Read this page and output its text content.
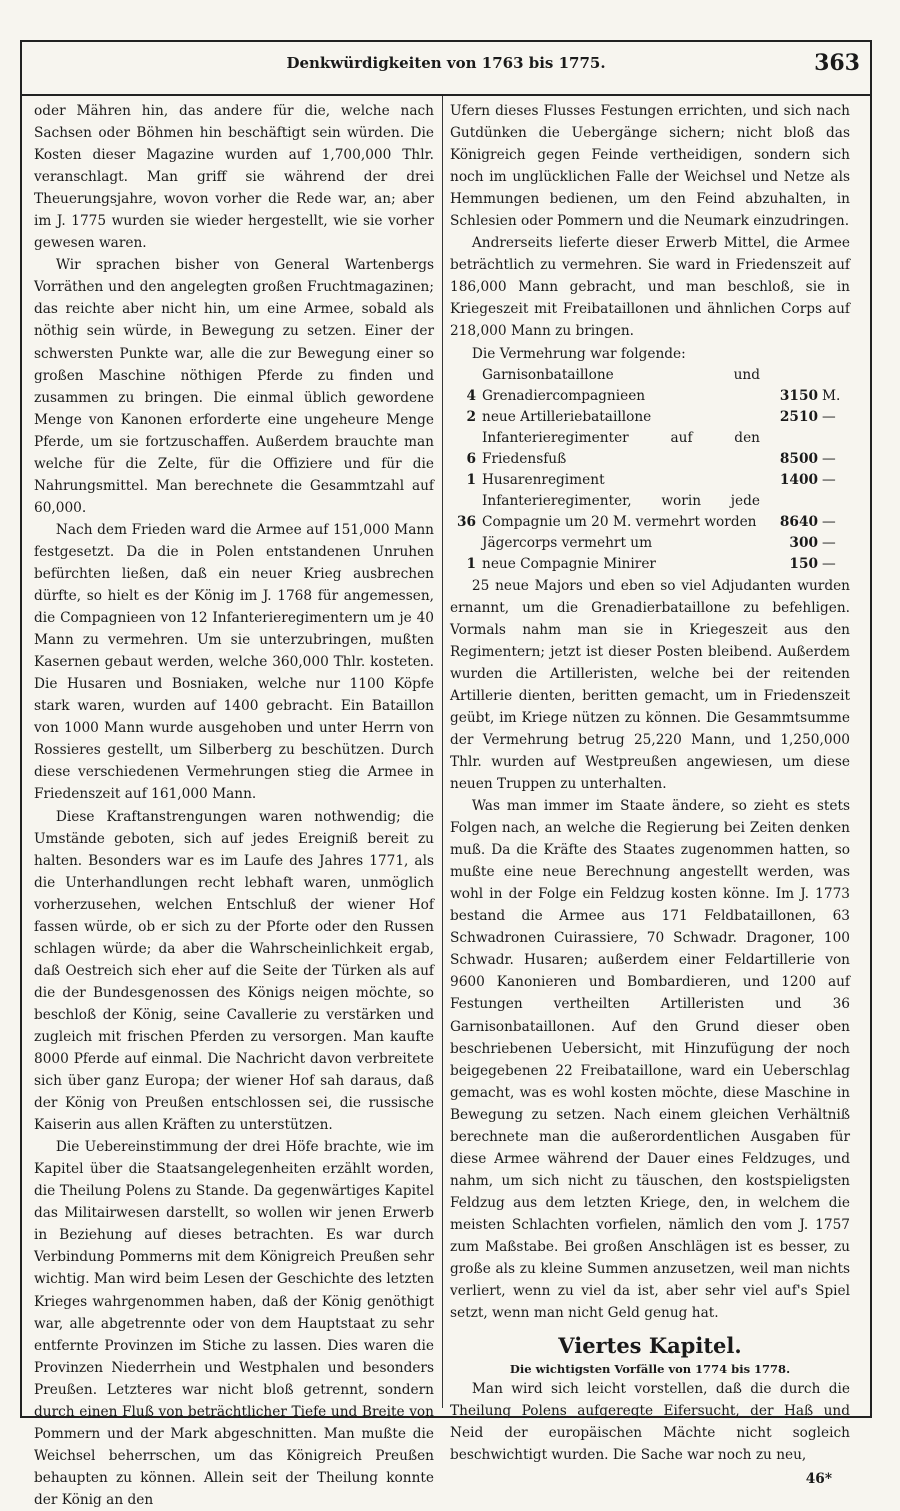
Denkwürdigkeiten von 1763 bis 1775.	363

oder Mähren hin, das andere für die, welche nach Sachsen oder Böhmen hin beschäftigt sein würden. Die Kosten dieser Magazine wurden auf 1,700,000 Thlr. veranschlagt. Man griff sie während der drei Theuerungsjahre, wovon vorher die Rede war, an; aber im J. 1775 wurden sie wieder hergestellt, wie sie vorher gewesen waren.

Wir sprachen bisher von General Wartenbergs Vorräthen und den angelegten großen Fruchtmagazinen; das reichte aber nicht hin, um eine Armee, sobald als nöthig sein würde, in Bewegung zu setzen. Einer der schwersten Punkte war, alle die zur Bewegung einer so großen Maschine nöthigen Pferde zu finden und zusammen zu bringen. Die einmal üblich gewordene Menge von Kanonen erforderte eine ungeheure Menge Pferde, um sie fortzuschaffen. Außerdem brauchte man welche für die Zelte, für die Offiziere und für die Nahrungsmittel. Man berechnete die Gesammtzahl auf 60,000.

Nach dem Frieden ward die Armee auf 151,000 Mann festgesetzt. Da die in Polen entstandenen Unruhen befürchten ließen, daß ein neuer Krieg ausbrechen dürfte, so hielt es der König im J. 1768 für angemessen, die Compagnieen von 12 Infanterieregimentern um je 40 Mann zu vermehren. Um sie unterzubringen, mußten Kasernen gebaut werden, welche 360,000 Thlr. kosteten. Die Husaren und Bosniaken, welche nur 1100 Köpfe stark waren, wurden auf 1400 gebracht. Ein Bataillon von 1000 Mann wurde ausgehoben und unter Herrn von Rossieres gestellt, um Silberberg zu beschützen. Durch diese verschiedenen Vermehrungen stieg die Armee in Friedenszeit auf 161,000 Mann.

Diese Kraftanstrengungen waren nothwendig; die Umstände geboten, sich auf jedes Ereigniß bereit zu halten. Besonders war es im Laufe des Jahres 1771, als die Unterhandlungen recht lebhaft waren, unmöglich vorherzusehen, welchen Entschluß der wiener Hof fassen würde, ob er sich zu der Pforte oder den Russen schlagen würde; da aber die Wahrscheinlichkeit ergab, daß Oestreich sich eher auf die Seite der Türken als auf die der Bundesgenossen des Königs neigen möchte, so beschloß der König, seine Cavallerie zu verstärken und zugleich mit frischen Pferden zu versorgen. Man kaufte 8000 Pferde auf einmal. Die Nachricht davon verbreitete sich über ganz Europa; der wiener Hof sah daraus, daß der König von Preußen entschlossen sei, die russische Kaiserin aus allen Kräften zu unterstützen.

Die Uebereinstimmung der drei Höfe brachte, wie im Kapitel über die Staatsangelegenheiten erzählt worden, die Theilung Polens zu Stande. Da gegenwärtiges Kapitel das Militairwesen darstellt, so wollen wir jenen Erwerb in Beziehung auf dieses betrachten. Es war durch Verbindung Pommerns mit dem Königreich Preußen sehr wichtig. Man wird beim Lesen der Geschichte des letzten Krieges wahrgenommen haben, daß der König genöthigt war, alle abgetrennte oder von dem Hauptstaat zu sehr entfernte Provinzen im Stiche zu lassen. Dies waren die Provinzen Niederrhein und Westphalen und besonders Preußen. Letzteres war nicht bloß getrennt, sondern durch einen Fluß von beträchtlicher Tiefe und Breite von Pommern und der Mark abgeschnitten. Man mußte die Weichsel beherrschen, um das Königreich Preußen behaupten zu können. Allein seit der Theilung konnte der König an den

Ufern dieses Flusses Festungen errichten, und sich nach Gutdünken die Uebergänge sichern; nicht bloß das Königreich gegen Feinde vertheidigen, sondern sich noch im unglücklichen Falle der Weichsel und Netze als Hemmungen bedienen, um den Feind abzuhalten, in Schlesien oder Pommern und die Neumark einzudringen.

Andrerseits lieferte dieser Erwerb Mittel, die Armee beträchtlich zu vermehren. Sie ward in Friedenszeit auf 186,000 Mann gebracht, und man beschloß, sie in Kriegeszeit mit Freibataillonen und ähnlichen Corps auf 218,000 Mann zu bringen.

Die Vermehrung war folgende:

4	Garnisonbataillone und Grenadiercompagnieen	3150	M.
2	neue Artilleriebataillone	2510	—
6	Infanterieregimenter auf den Friedensfuß	8500	—
1	Husarenregiment	1400	—
36	Infanterieregimenter, worin jede Compagnie um 20 M. vermehrt worden	8640	—
	Jägercorps vermehrt um	300	—
1	neue Compagnie Minirer	150	—

25 neue Majors und eben so viel Adjudanten wurden ernannt, um die Grenadierbataillone zu befehligen. Vormals nahm man sie in Kriegeszeit aus den Regimentern; jetzt ist dieser Posten bleibend. Außerdem wurden die Artilleristen, welche bei der reitenden Artillerie dienten, beritten gemacht, um in Friedenszeit geübt, im Kriege nützen zu können. Die Gesammtsumme der Vermehrung betrug 25,220 Mann, und 1,250,000 Thlr. wurden auf Westpreußen angewiesen, um diese neuen Truppen zu unterhalten.

Was man immer im Staate ändere, so zieht es stets Folgen nach, an welche die Regierung bei Zeiten denken muß. Da die Kräfte des Staates zugenommen hatten, so mußte eine neue Berechnung angestellt werden, was wohl in der Folge ein Feldzug kosten könne. Im J. 1773 bestand die Armee aus 171 Feldbataillonen, 63 Schwadronen Cuirassiere, 70 Schwadr. Dragoner, 100 Schwadr. Husaren; außerdem einer Feldartillerie von 9600 Kanonieren und Bombardieren, und 1200 auf Festungen vertheilten Artilleristen und 36 Garnisonbataillonen. Auf den Grund dieser oben beschriebenen Uebersicht, mit Hinzufügung der noch beigegebenen 22 Freibataillone, ward ein Ueberschlag gemacht, was es wohl kosten möchte, diese Maschine in Bewegung zu setzen. Nach einem gleichen Verhältniß berechnete man die außerordentlichen Ausgaben für diese Armee während der Dauer eines Feldzuges, und nahm, um sich nicht zu täuschen, den kostspieligsten Feldzug aus dem letzten Kriege, den, in welchem die meisten Schlachten vorfielen, nämlich den vom J. 1757 zum Maßstabe. Bei großen Anschlägen ist es besser, zu große als zu kleine Summen anzusetzen, weil man nichts verliert, wenn zu viel da ist, aber sehr viel auf's Spiel setzt, wenn man nicht Geld genug hat.

Viertes Kapitel.
Die wichtigsten Vorfälle von 1774 bis 1778.

Man wird sich leicht vorstellen, daß die durch die Theilung Polens aufgeregte Eifersucht, der Haß und Neid der europäischen Mächte nicht sogleich beschwichtigt wurden. Die Sache war noch zu neu,

46*
